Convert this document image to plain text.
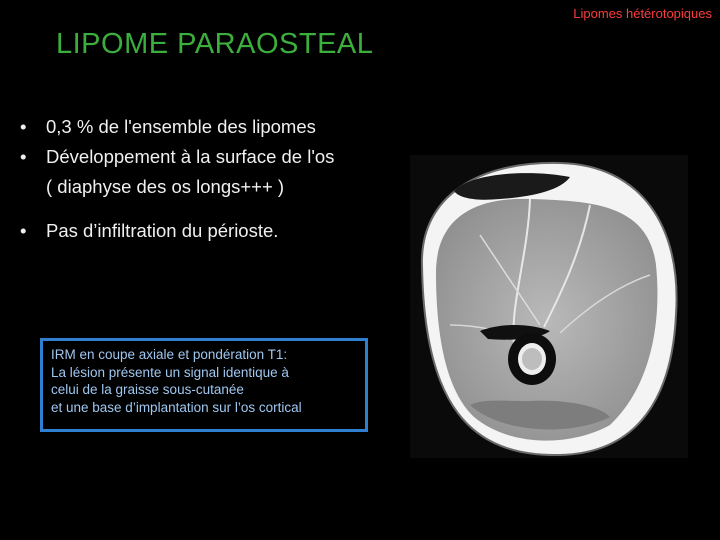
Lipomes hétérotopiques
LIPOME PARAOSTEAL
•	0,3 % de l'ensemble des lipomes
•	Développement à la surface de l'os
( diaphyse des os longs+++ )
•	Pas d’infiltration du périoste.
IRM en coupe axiale et pondération T1:
La lésion présente un signal identique à
celui de la graisse sous-cutanée
et une base d’implantation sur l’os cortical
